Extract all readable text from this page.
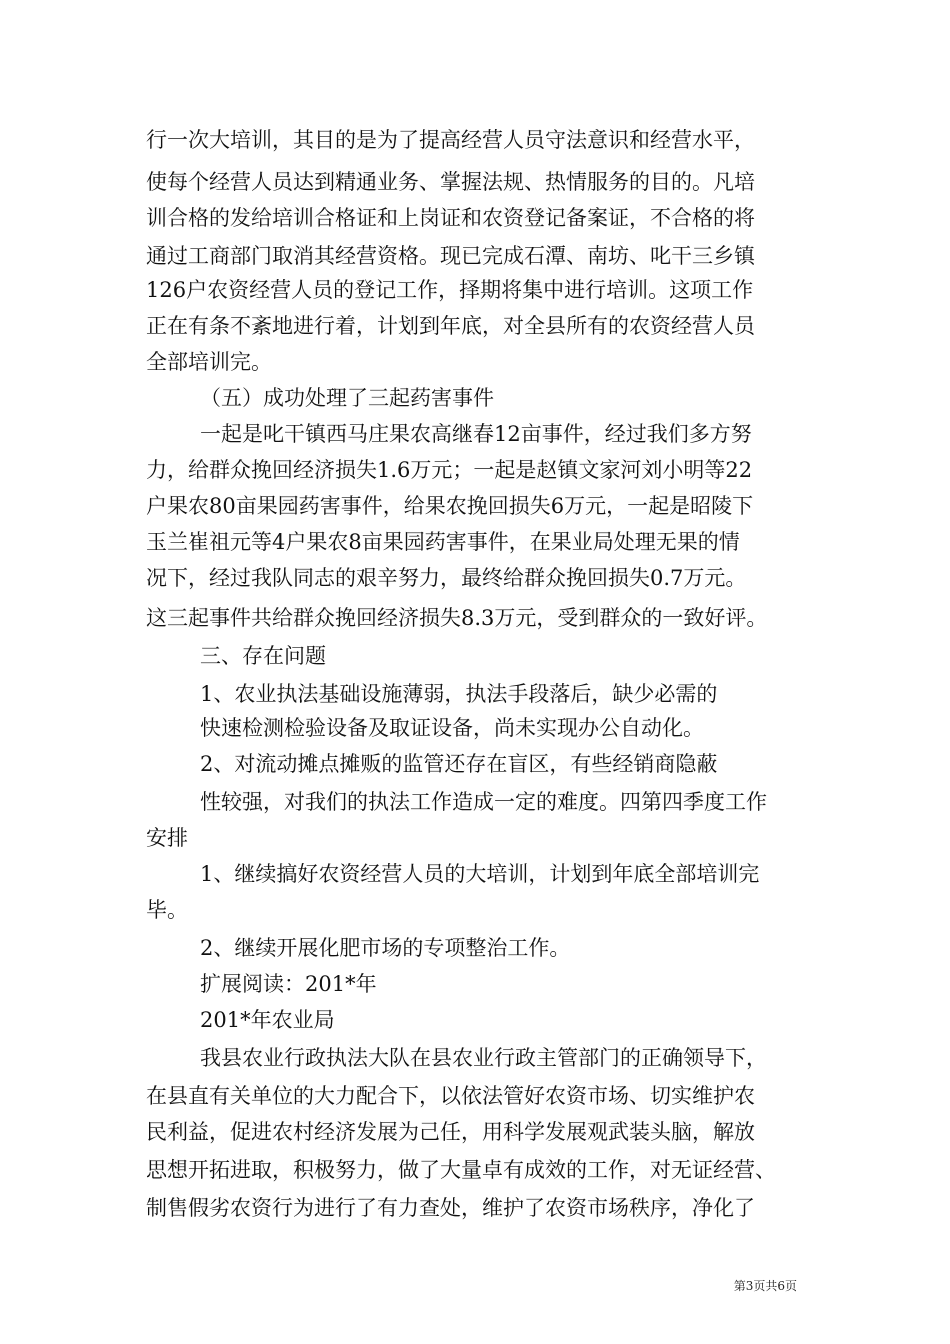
行一次大培训，其目的是为了提高经营人员守法意识和经营水平，
使每个经营人员达到精通业务、掌握法规、热情服务的目的。凡培
训合格的发给培训合格证和上岗证和农资登记备案证，不合格的将
通过工商部门取消其经营资格。现已完成石潭、南坊、叱干三乡镇
126户农资经营人员的登记工作，择期将集中进行培训。这项工作
正在有条不紊地进行着，计划到年底，对全县所有的农资经营人员
全部培训完。
（五）成功处理了三起药害事件
一起是叱干镇西马庄果农高继春12亩事件，经过我们多方努
力，给群众挽回经济损失1.6万元；一起是赵镇文家河刘小明等22
户果农80亩果园药害事件，给果农挽回损失6万元，一起是昭陵下
玉兰崔祖元等4户果农8亩果园药害事件，在果业局处理无果的情
况下，经过我队同志的艰辛努力，最终给群众挽回损失0.7万元。
这三起事件共给群众挽回经济损失8.3万元，受到群众的一致好评。
三、存在问题
1、农业执法基础设施薄弱，执法手段落后，缺少必需的
快速检测检验设备及取证设备，尚未实现办公自动化。
2、对流动摊点摊贩的监管还存在盲区，有些经销商隐蔽
性较强，对我们的执法工作造成一定的难度。四第四季度工作
安排
1、继续搞好农资经营人员的大培训，计划到年底全部培训完
毕。
2、继续开展化肥市场的专项整治工作。
扩展阅读：201*年
201*年农业局
我县农业行政执法大队在县农业行政主管部门的正确领导下，
在县直有关单位的大力配合下，以依法管好农资市场、切实维护农
民利益，促进农村经济发展为己任，用科学发展观武装头脑，解放
思想开拓进取，积极努力，做了大量卓有成效的工作，对无证经营、
制售假劣农资行为进行了有力查处，维护了农资市场秩序，净化了
第3页共6页
